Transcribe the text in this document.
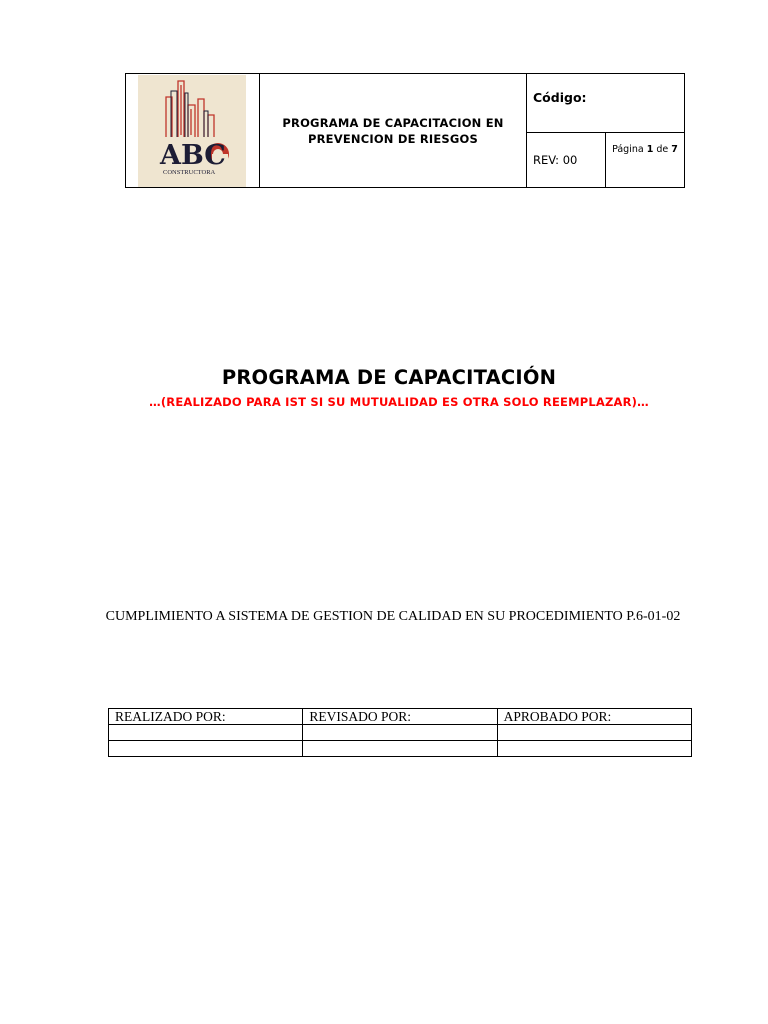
ABC
CONSTRUCTORA	PROGRAMA DE CAPACITACION EN PREVENCION DE RIESGOS	Código:	
		REV: 00	Página 1 de 7
PROGRAMA DE CAPACITACIÓN
…(REALIZADO PARA IST SI SU MUTUALIDAD ES OTRA SOLO REEMPLAZAR)…
CUMPLIMIENTO A SISTEMA DE GESTION DE CALIDAD EN SU PROCEDIMIENTO P.6-01-02
REALIZADO POR:	REVISADO POR:	APROBADO POR:
